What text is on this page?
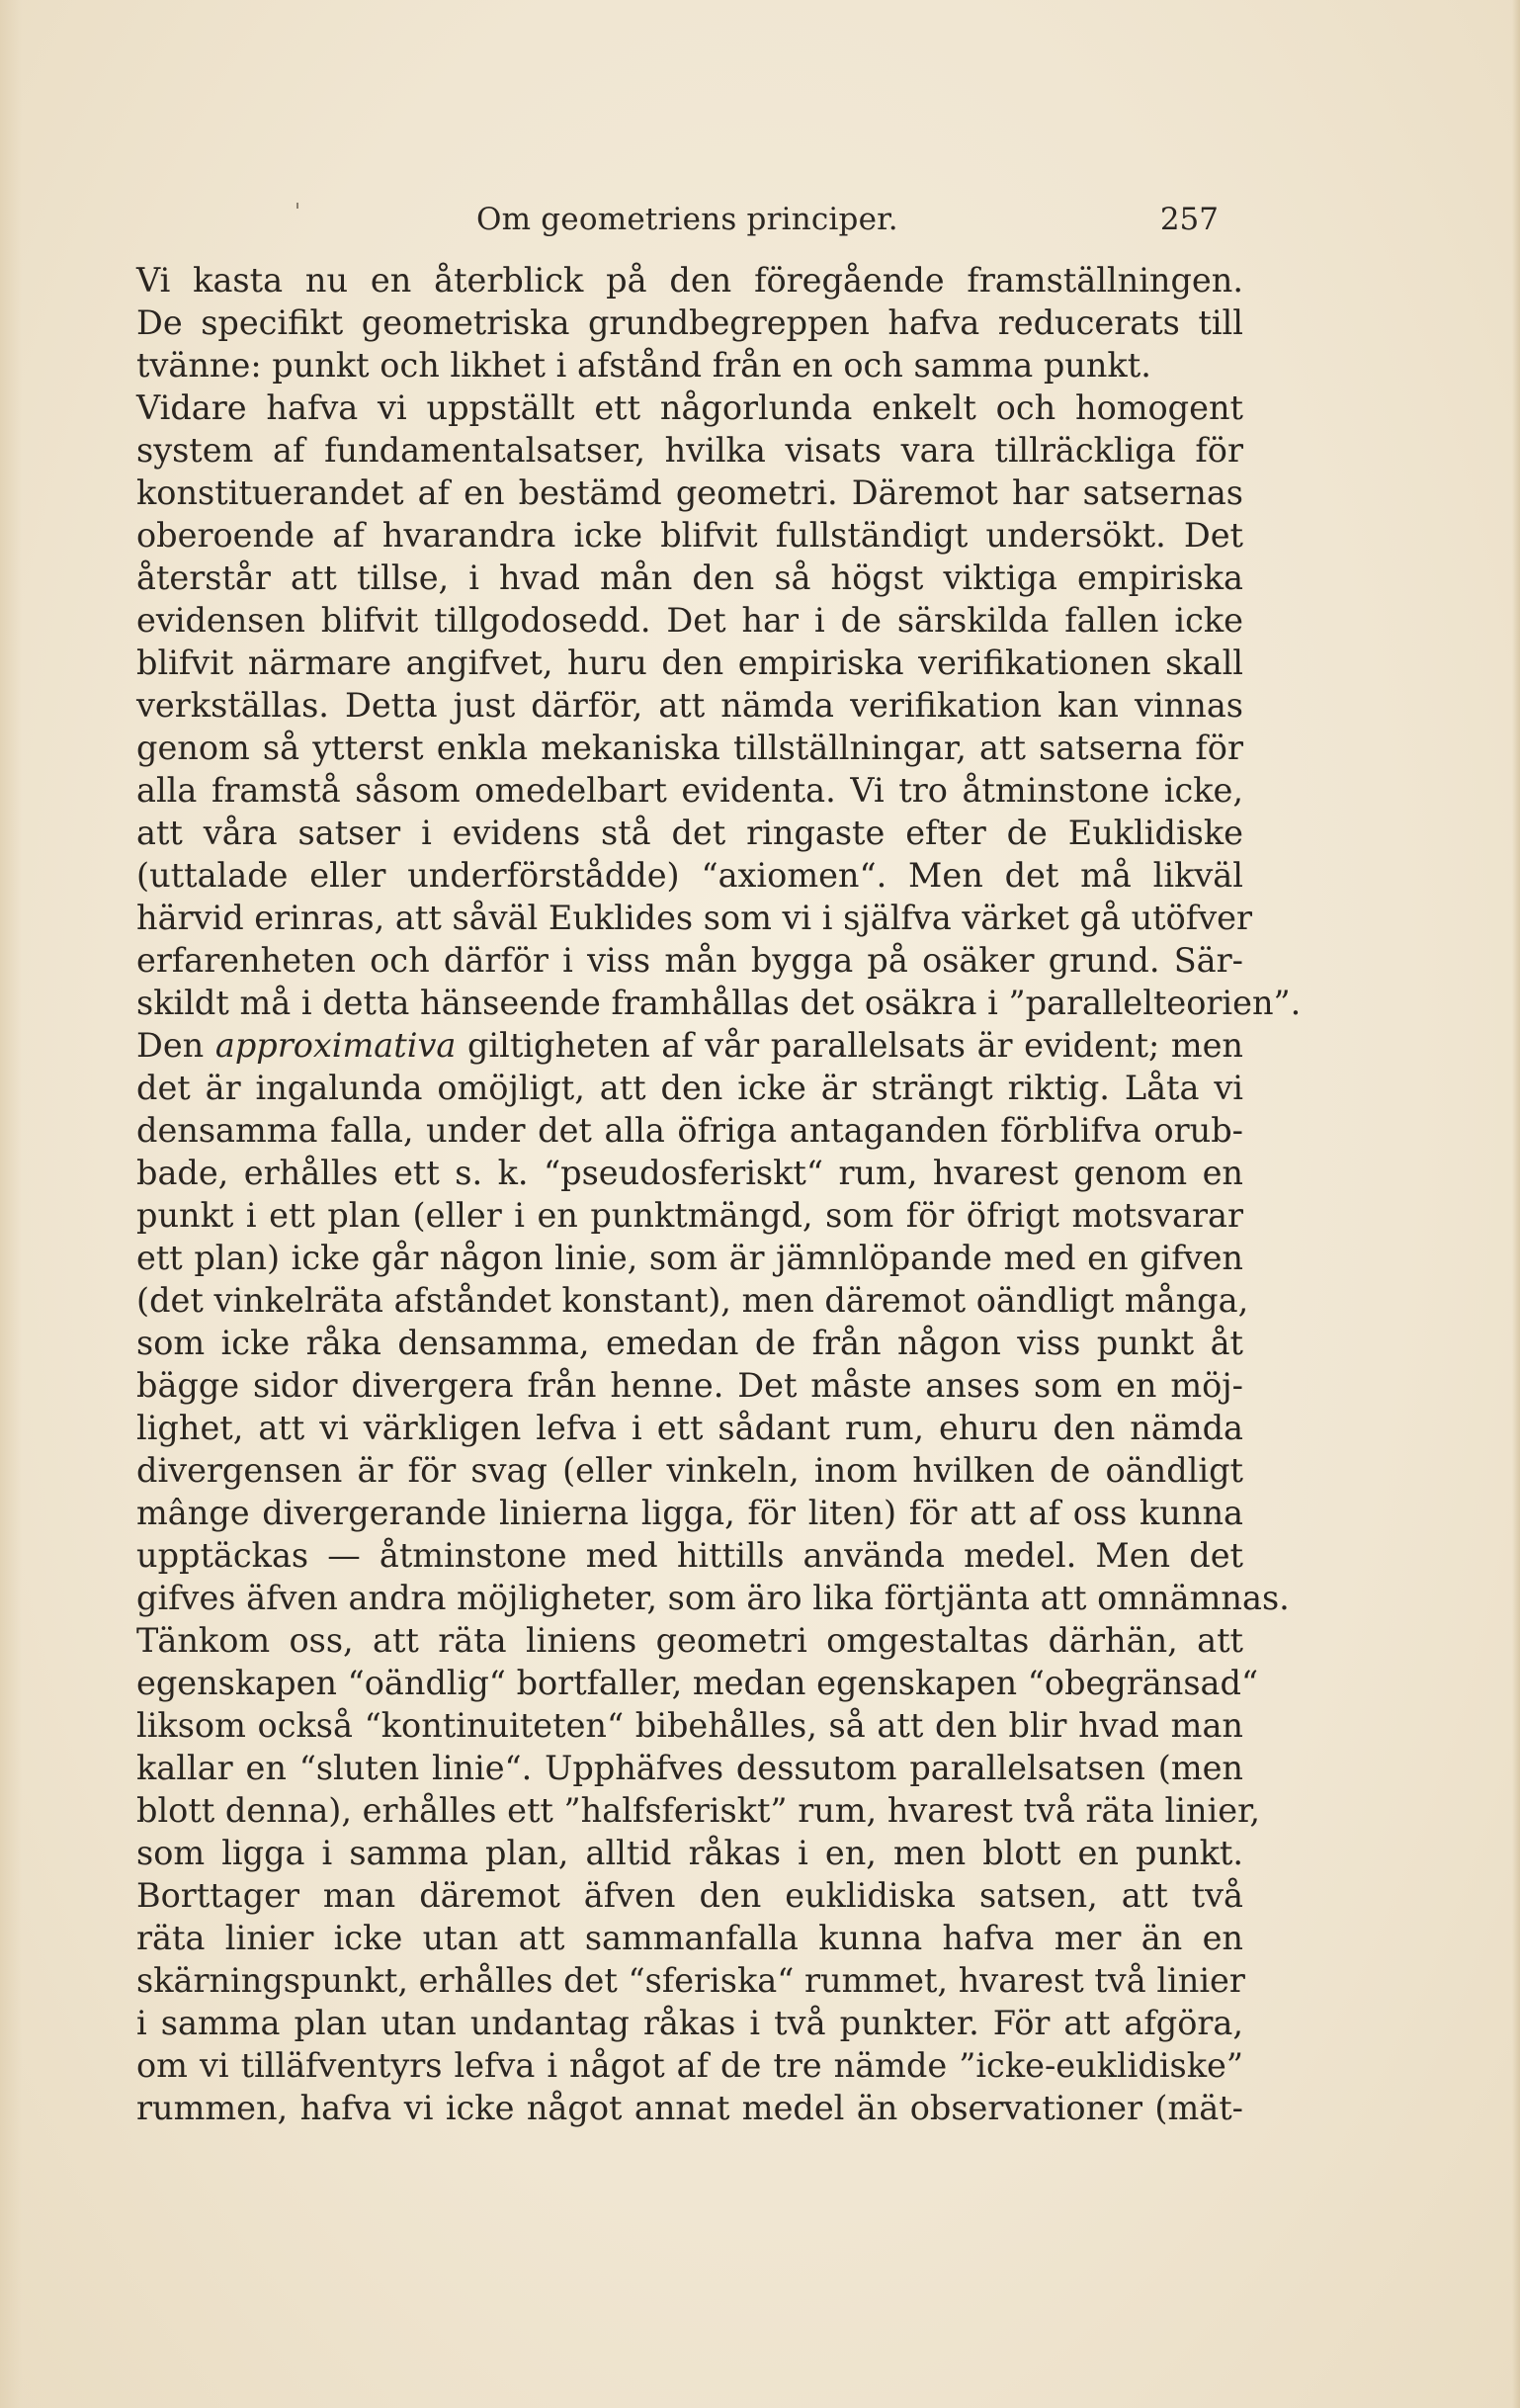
Om geometriens principer.	257
Vi kasta nu en återblick på den föregående framställningen.
De specifikt geometriska grundbegreppen hafva reducerats till
tvänne: punkt och likhet i afstånd från en och samma punkt.
Vidare hafva vi uppställt ett någorlunda enkelt och homogent
system af fundamentalsatser, hvilka visats vara tillräckliga för
konstituerandet af en bestämd geometri. Däremot har satsernas
oberoende af hvarandra icke blifvit fullständigt undersökt. Det
återstår att tillse, i hvad mån den så högst viktiga empiriska
evidensen blifvit tillgodosedd. Det har i de särskilda fallen icke
blifvit närmare angifvet, huru den empiriska verifikationen skall
verkställas. Detta just därför, att nämda verifikation kan vinnas
genom så ytterst enkla mekaniska tillställningar, att satserna för
alla framstå såsom omedelbart evidenta. Vi tro åtminstone icke,
att våra satser i evidens stå det ringaste efter de Euklidiske
(uttalade eller underförstådde) “axiomen“. Men det må likväl
härvid erinras, att såväl Euklides som vi i själfva värket gå utöfver
erfarenheten och därför i viss mån bygga på osäker grund. Sär-
skildt må i detta hänseende framhållas det osäkra i ”parallelteorien”.
Den approximativa giltigheten af vår parallelsats är evident; men
det är ingalunda omöjligt, att den icke är strängt riktig. Låta vi
densamma falla, under det alla öfriga antaganden förblifva orub-
bade, erhålles ett s. k. “pseudosferiskt“ rum, hvarest genom en
punkt i ett plan (eller i en punktmängd, som för öfrigt motsvarar
ett plan) icke går någon linie, som är jämnlöpande med en gifven
(det vinkelräta afståndet konstant), men däremot oändligt många,
som icke råka densamma, emedan de från någon viss punkt åt
bägge sidor divergera från henne. Det måste anses som en möj-
lighet, att vi värkligen lefva i ett sådant rum, ehuru den nämda
divergensen är för svag (eller vinkeln, inom hvilken de oändligt
mânge divergerande linierna ligga, för liten) för att af oss kunna
upptäckas — åtminstone med hittills använda medel. Men det
gifves äfven andra möjligheter, som äro lika förtjänta att omnämnas.
Tänkom oss, att räta liniens geometri omgestaltas därhän, att
egenskapen “oändlig“ bortfaller, medan egenskapen “obegränsad“
liksom också “kontinuiteten“ bibehålles, så att den blir hvad man
kallar en “sluten linie“. Upphäfves dessutom parallelsatsen (men
blott denna), erhålles ett ”halfsferiskt” rum, hvarest två räta linier,
som ligga i samma plan, alltid råkas i en, men blott en punkt.
Borttager man däremot äfven den euklidiska satsen, att två
räta linier icke utan att sammanfalla kunna hafva mer än en
skärningspunkt, erhålles det “sferiska“ rummet, hvarest två linier
i samma plan utan undantag råkas i två punkter. För att afgöra,
om vi tilläfventyrs lefva i något af de tre nämde ”icke-euklidiske”
rummen, hafva vi icke något annat medel än observationer (mät-
